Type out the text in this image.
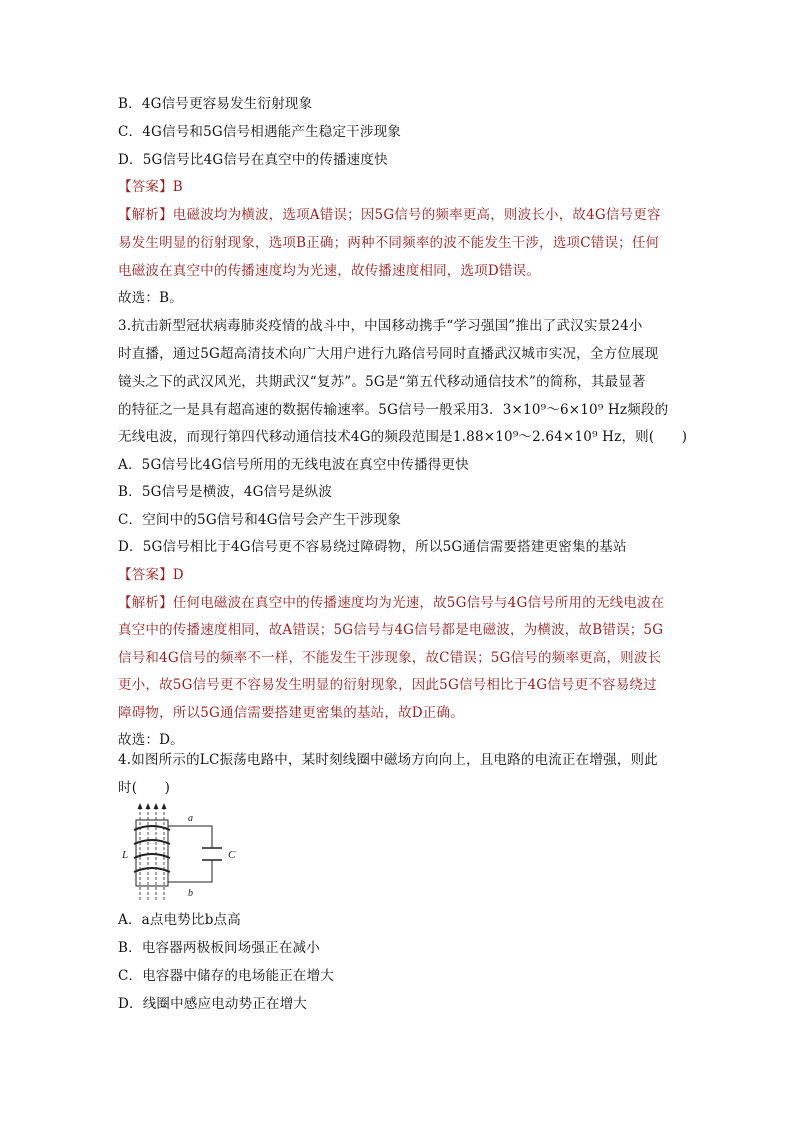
B．4G信号更容易发生衍射现象
C．4G信号和5G信号相遇能产生稳定干涉现象
D．5G信号比4G信号在真空中的传播速度快
【答案】B
【解析】电磁波均为横波，选项A错误；因5G信号的频率更高，则波长小，故4G信号更容
易发生明显的衍射现象，选项B正确；两种不同频率的波不能发生干涉，选项C错误；任何
电磁波在真空中的传播速度均为光速，故传播速度相同，选项D错误。
故选：B。
3.抗击新型冠状病毒肺炎疫情的战斗中，中国移动携手“学习强国”推出了武汉实景24小
时直播，通过5G超高清技术向广大用户进行九路信号同时直播武汉城市实况，全方位展现
镜头之下的武汉风光，共期武汉“复苏”。5G是“第五代移动通信技术”的简称，其最显著
的特征之一是具有超高速的数据传输速率。5G信号一般采用3．3×10⁹～6×10⁹ Hz频段的
无线电波，而现行第四代移动通信技术4G的频段范围是1.88×10⁹～2.64×10⁹ Hz，则(　　)
A．5G信号比4G信号所用的无线电波在真空中传播得更快
B．5G信号是横波，4G信号是纵波
C．空间中的5G信号和4G信号会产生干涉现象
D．5G信号相比于4G信号更不容易绕过障碍物，所以5G通信需要搭建更密集的基站
【答案】D
【解析】任何电磁波在真空中的传播速度均为光速，故5G信号与4G信号所用的无线电波在
真空中的传播速度相同，故A错误；5G信号与4G信号都是电磁波，为横波，故B错误；5G
信号和4G信号的频率不一样，不能发生干涉现象，故C错误；5G信号的频率更高，则波长
更小，故5G信号更不容易发生明显的衍射现象，因此5G信号相比于4G信号更不容易绕过
障碍物，所以5G通信需要搭建更密集的基站，故D正确。
故选：D。
4.如图所示的LC振荡电路中，某时刻线圈中磁场方向向上，且电路的电流正在增强，则此
时(　　)
a
b
L	C
A．a点电势比b点高
B．电容器两极板间场强正在减小
C．电容器中储存的电场能正在增大
D．线圈中感应电动势正在增大
